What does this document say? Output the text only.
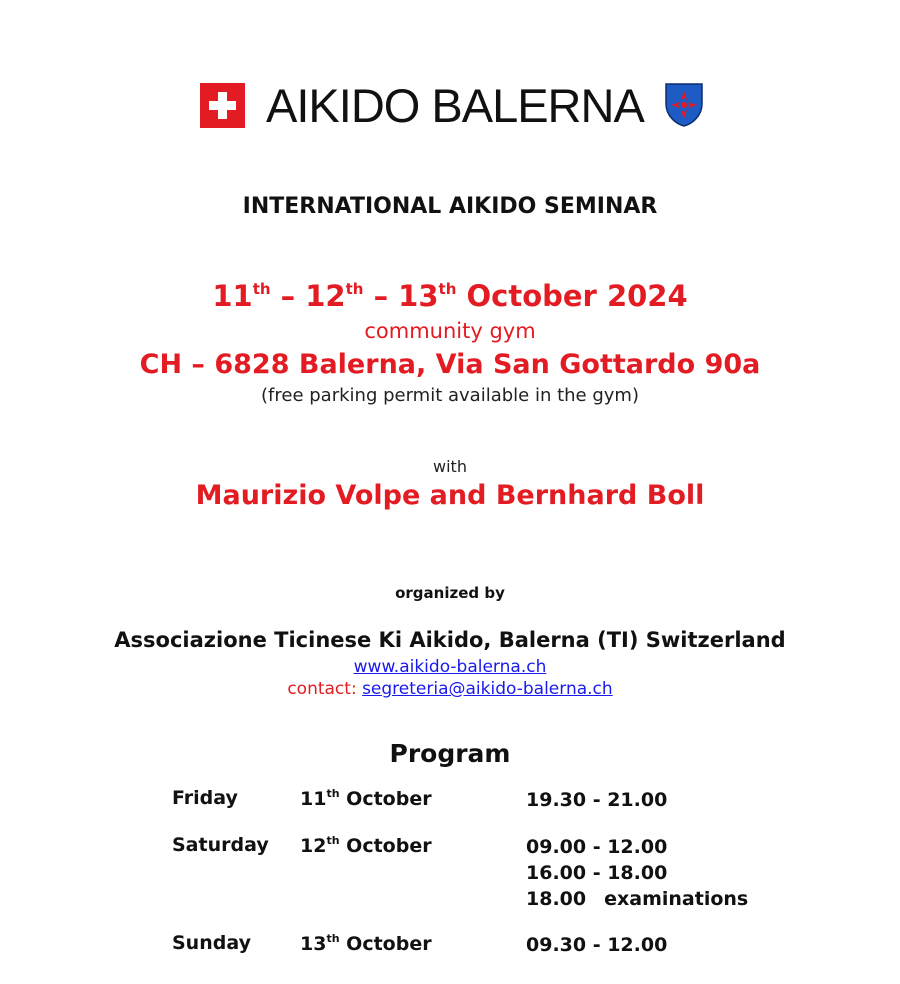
AIKIDO BALERNA
INTERNATIONAL AIKIDO SEMINAR
11th – 12th – 13th October 2024
community gym
CH – 6828 Balerna, Via San Gottardo 90a
(free parking permit available in the gym)
with
Maurizio Volpe and Bernhard Boll
organized by
Associazione Ticinese Ki Aikido, Balerna (TI) Switzerland
www.aikido-balerna.ch
contact: segreteria@aikido-balerna.ch
Program
Friday	11th October	19.30 - 21.00
Saturday 12th October	09.00 - 12.00
16.00 - 18.00
18.00 examinations
Sunday	13th October	09.30 - 12.00
